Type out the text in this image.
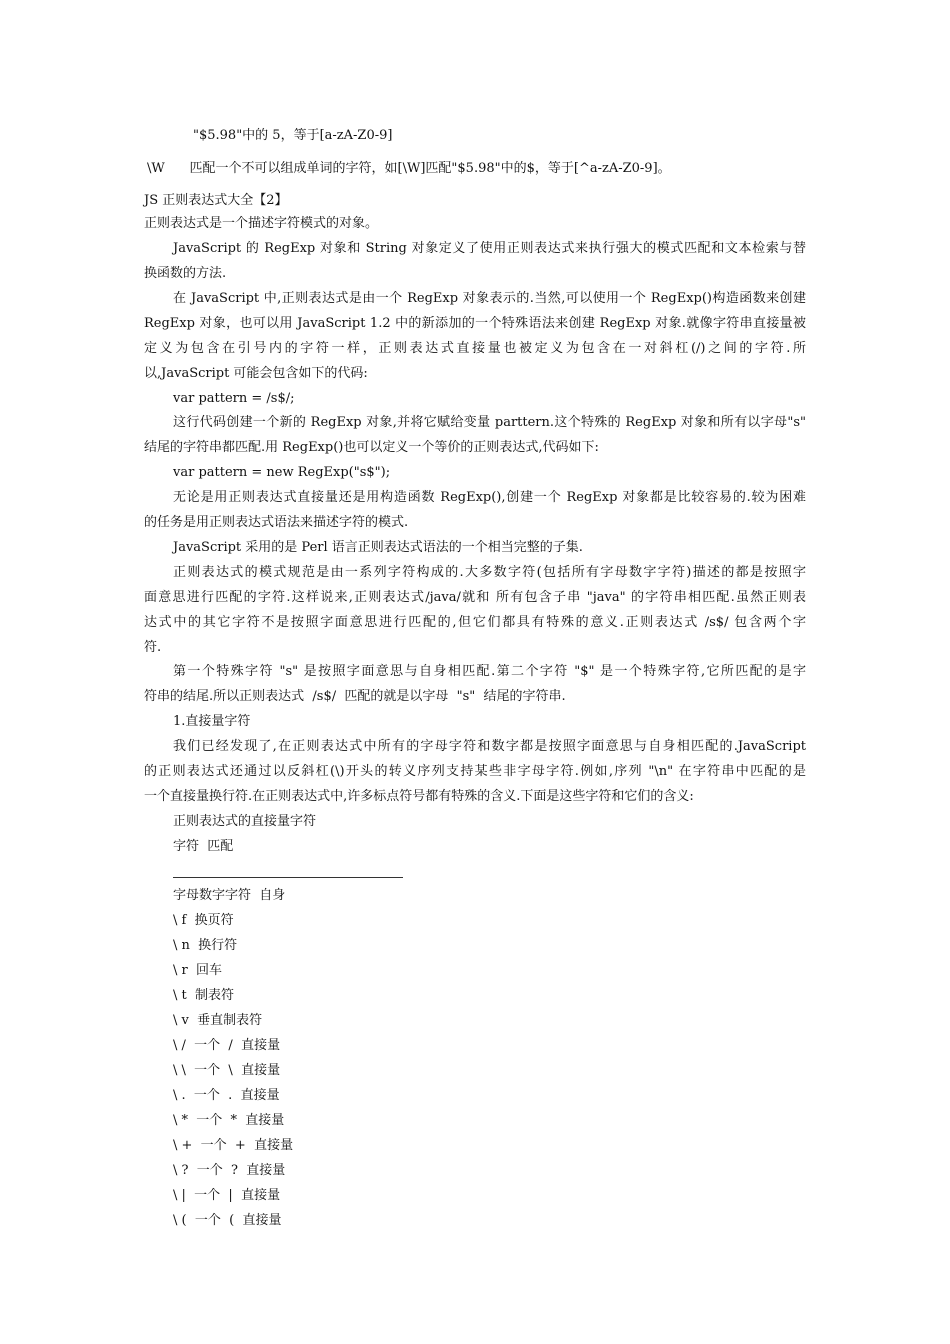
"$5.98"中的 5，等于[a-zA-Z0-9]
\W      匹配一个不可以组成单词的字符，如[\W]匹配"$5.98"中的$，等于[^a-zA-Z0-9]。
JS 正则表达式大全【2】
正则表达式是一个描述字符模式的对象。
JavaScript 的 RegExp 对象和 String 对象定义了使用正则表达式来执行强大的模式匹配和文本检索与替
换函数的方法.
在 JavaScript 中,正则表达式是由一个 RegExp 对象表示的.当然,可以使用一个 RegExp()构造函数来创建
RegExp 对象，也可以用 JavaScript 1.2 中的新添加的一个特殊语法来创建 RegExp 对象.就像字符串直接量被
定义为包含在引号内的字符一样，正则表达式直接量也被定义为包含在一对斜杠(/)之间的字符.所
以,JavaScript 可能会包含如下的代码:
var pattern = /s$/;
这行代码创建一个新的 RegExp 对象,并将它赋给变量 parttern.这个特殊的 RegExp 对象和所有以字母"s"
结尾的字符串都匹配.用 RegExp()也可以定义一个等价的正则表达式,代码如下:
var pattern = new RegExp("s$");
无论是用正则表达式直接量还是用构造函数 RegExp(),创建一个 RegExp 对象都是比较容易的.较为困难
的任务是用正则表达式语法来描述字符的模式.
JavaScript 采用的是 Perl 语言正则表达式语法的一个相当完整的子集.
正则表达式的模式规范是由一系列字符构成的.大多数字符(包括所有字母数字字符)描述的都是按照字
面意思进行匹配的字符.这样说来,正则表达式/java/就和 所有包含子串 "java" 的字符串相匹配.虽然正则表
达式中的其它字符不是按照字面意思进行匹配的,但它们都具有特殊的意义.正则表达式 /s$/ 包含两个字
符.
第一个特殊字符 "s" 是按照字面意思与自身相匹配.第二个字符 "$" 是一个特殊字符,它所匹配的是字
符串的结尾.所以正则表达式  /s$/  匹配的就是以字母  "s"  结尾的字符串.
1.直接量字符
我们已经发现了,在正则表达式中所有的字母字符和数字都是按照字面意思与自身相匹配的.JavaScript
的正则表达式还通过以反斜杠(\)开头的转义序列支持某些非字母字符.例如,序列 "\n" 在字符串中匹配的是
一个直接量换行符.在正则表达式中,许多标点符号都有特殊的含义.下面是这些字符和它们的含义:
正则表达式的直接量字符
字符  匹配
字母数字字符  自身
\ f  换页符
\ n  换行符
\ r  回车
\ t  制表符
\ v  垂直制表符
\ /  一个  /  直接量
\ \  一个  \  直接量
\ .  一个  .  直接量
\ *  一个  *  直接量
\ +  一个  +  直接量
\ ?  一个  ?  直接量
\ |  一个  |  直接量
\ (  一个  (  直接量
